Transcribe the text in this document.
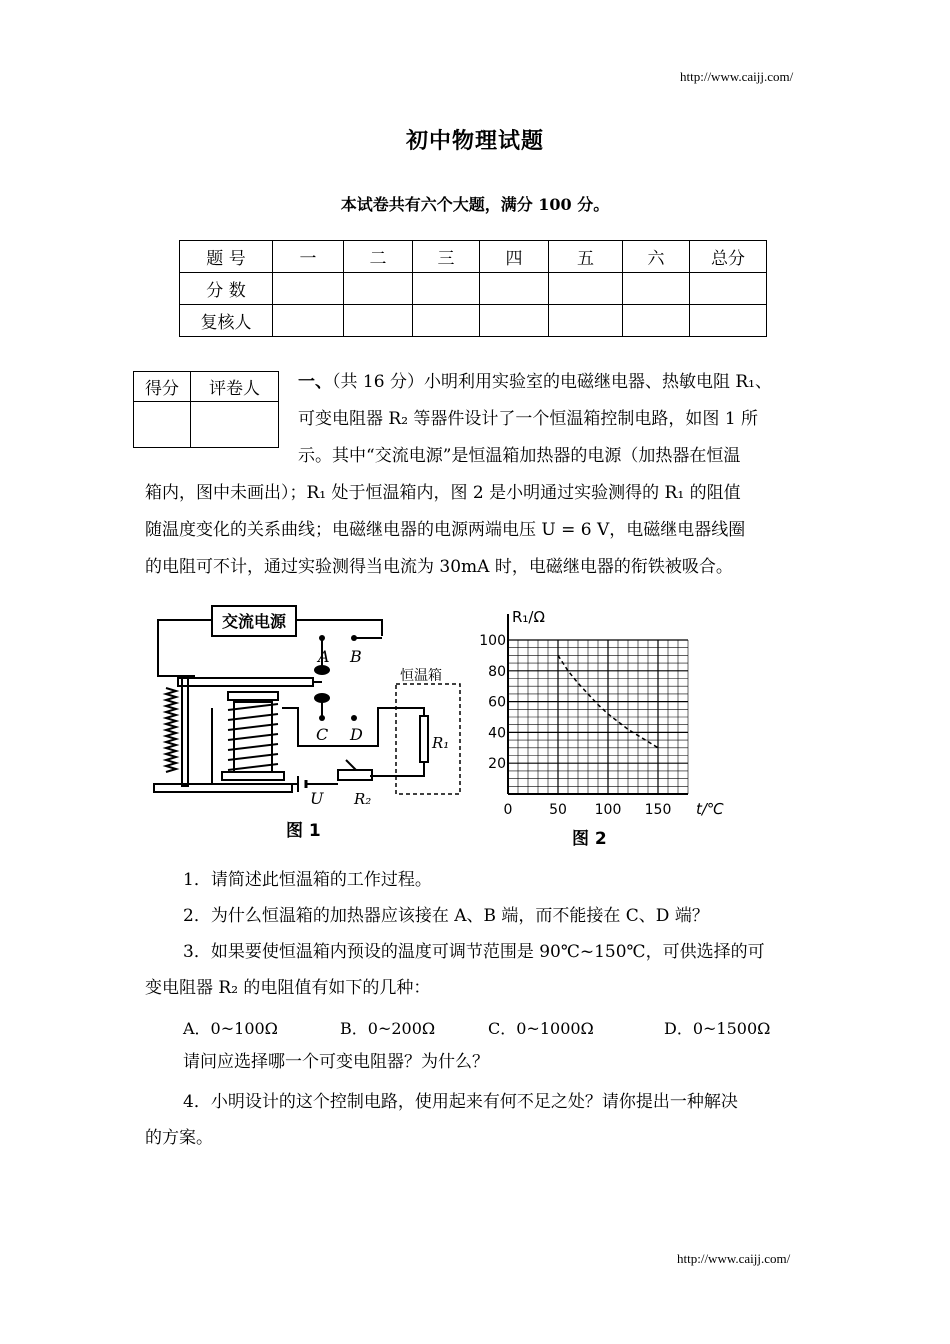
http://www.caijj.com/
初中物理试题
本试卷共有六个大题，满分 100 分。
题 号	一	二	三	四	五	六	总分
分 数							
复核人							
得分	评卷人
	一、（共 16 分）小明利用实验室的电磁继电器、热敏电阻 R₁、

可变电阻器 R₂ 等器件设计了一个恒温箱控制电路，如图 1 所

示。其中“交流电源”是恒温箱加热器的电源（加热器在恒温

箱内，图中未画出）；R₁ 处于恒温箱内，图 2 是小明通过实验测得的 R₁ 的阻值

随温度变化的关系曲线；电磁继电器的电源两端电压 U = 6 V，电磁继电器线圈

的电阻可不计，通过实验测得当电流为 30mA 时，电磁继电器的衔铁被吸合。

交流电源
A B
C D
恒温箱
R₁
R₂
U
图 1
0	50 100 150
20
40
60
80
100
R₁/Ω
t/℃
图 2
1．请简述此恒温箱的工作过程。
2．为什么恒温箱的加热器应该接在 A、B 端，而不能接在 C、D 端？
3．如果要使恒温箱内预设的温度可调节范围是 90℃~150℃，可供选择的可
变电阻器 R₂ 的电阻值有如下的几种：
A．0~100Ω	B．0~200Ω	C．0~1000Ω	D．0~1500Ω
请问应选择哪一个可变电阻器？为什么？
4．小明设计的这个控制电路，使用起来有何不足之处？请你提出一种解决
的方案。
http://www.caijj.com/
